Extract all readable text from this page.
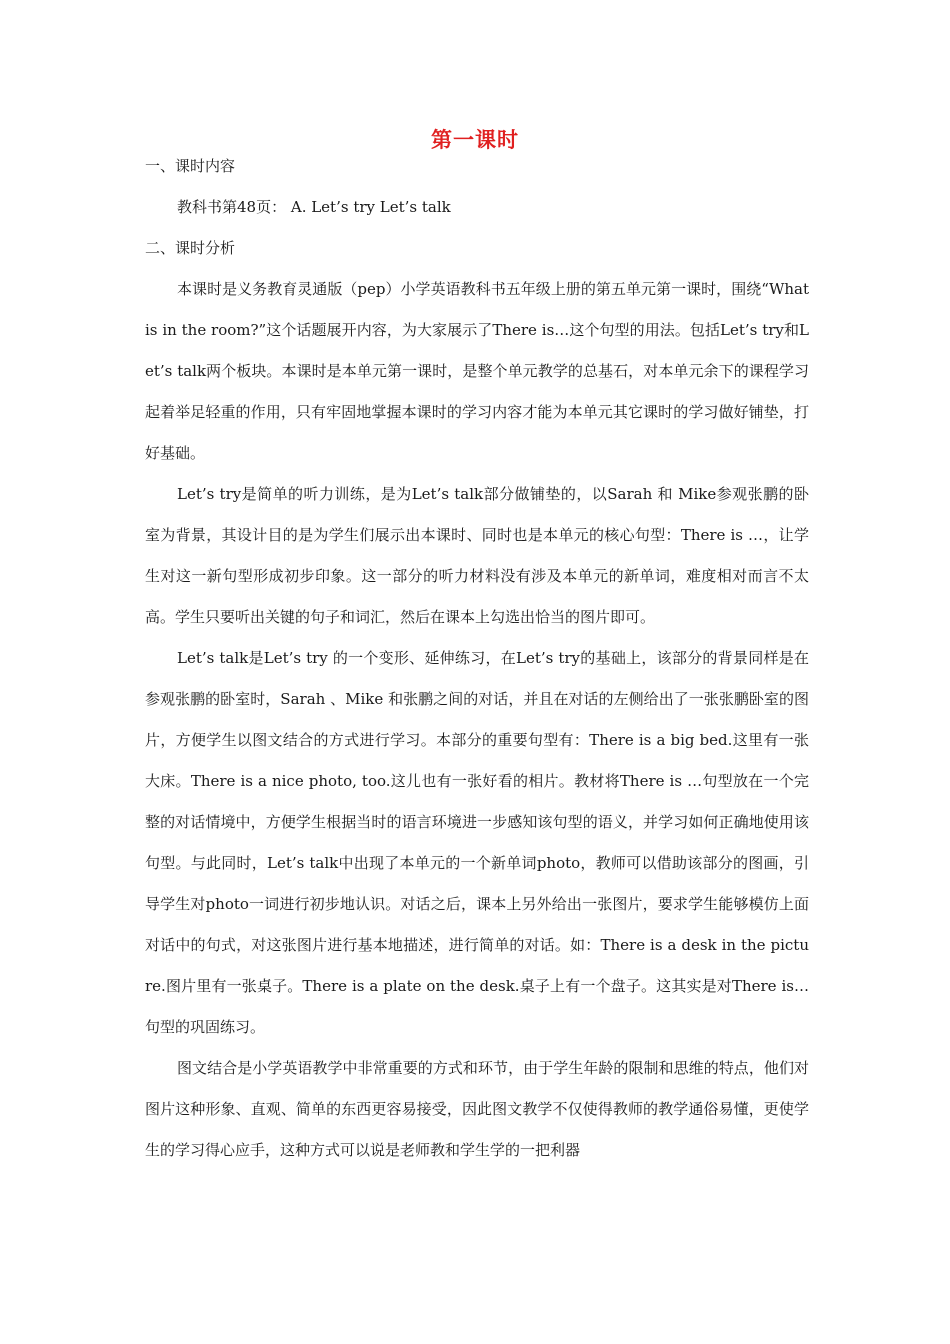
第一课时

一、课时内容

教科书第48页： A. Let’s try Let’s talk

二、课时分析

本课时是义务教育灵通版（pep）小学英语教科书五年级上册的第五单元第一课时，围绕“What is in the room?”这个话题展开内容，为大家展示了There is…这个句型的用法。包括Let’s try和Let’s talk两个板块。本课时是本单元第一课时，是整个单元教学的总基石，对本单元余下的课程学习起着举足轻重的作用，只有牢固地掌握本课时的学习内容才能为本单元其它课时的学习做好铺垫，打好基础。

Let’s try是简单的听力训练，是为Let’s talk部分做铺垫的，以Sarah 和 Mike参观张鹏的卧室为背景，其设计目的是为学生们展示出本课时、同时也是本单元的核心句型：There is …，让学生对这一新句型形成初步印象。这一部分的听力材料没有涉及本单元的新单词，难度相对而言不太高。学生只要听出关键的句子和词汇，然后在课本上勾选出恰当的图片即可。

Let’s talk是Let’s try 的一个变形、延伸练习，在Let’s try的基础上，该部分的背景同样是在参观张鹏的卧室时，Sarah 、Mike 和张鹏之间的对话，并且在对话的左侧给出了一张张鹏卧室的图片，方便学生以图文结合的方式进行学习。本部分的重要句型有：There is a big bed.这里有一张大床。There is a nice photo, too.这儿也有一张好看的相片。教材将There is …句型放在一个完整的对话情境中，方便学生根据当时的语言环境进一步感知该句型的语义，并学习如何正确地使用该句型。与此同时，Let’s talk中出现了本单元的一个新单词photo，教师可以借助该部分的图画，引导学生对photo一词进行初步地认识。对话之后，课本上另外给出一张图片，要求学生能够模仿上面对话中的句式，对这张图片进行基本地描述，进行简单的对话。如：There is a desk in the picture.图片里有一张桌子。There is a plate on the desk.桌子上有一个盘子。这其实是对There is…句型的巩固练习。

图文结合是小学英语教学中非常重要的方式和环节，由于学生年龄的限制和思维的特点，他们对图片这种形象、直观、简单的东西更容易接受，因此图文教学不仅使得教师的教学通俗易懂，更使学生的学习得心应手，这种方式可以说是老师教和学生学的一把利器
